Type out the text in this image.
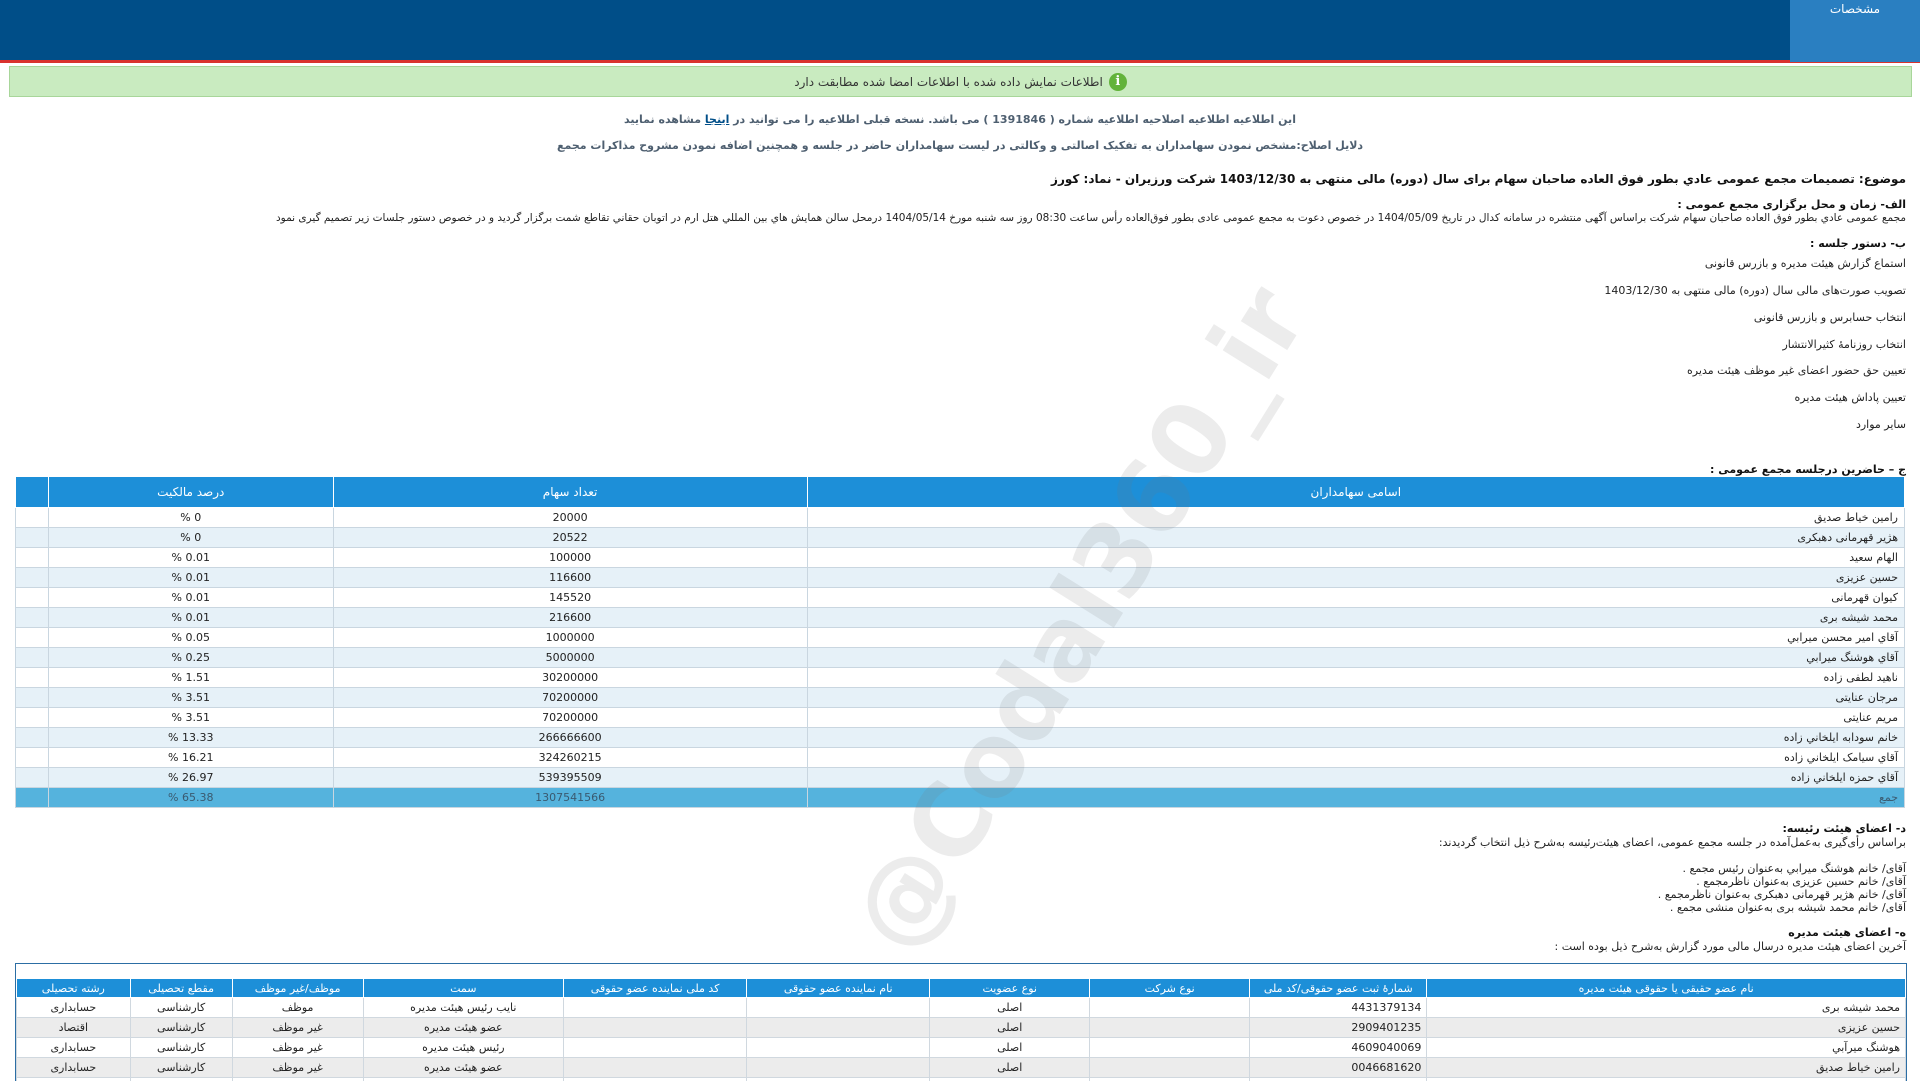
مشخصات
i
اطلاعات نمایش داده شده با اطلاعات امضا شده مطابقت دارد
این اطلاعیه اطلاعیه اصلاحیه اطلاعیه شماره ( 1391846 ) می باشد. نسخه قبلی اطلاعیه را می توانید در اینجا مشاهده نمایید
دلایل اصلاح:مشخص نمودن سهامداران به تفکیک اصالتی و وکالتی در لیست سهامداران حاضر در جلسه و همچنین اضافه نمودن مشروح مذاکرات مجمع
موضوع: تصمیمات مجمع عمومی عادي بطور فوق العاده صاحبان سهام برای سال (دوره) مالی منتهی به 1403/12/30 شرکت ورزیران - نماد: کورز
الف- زمان و محل برگزاری مجمع عمومی :
مجمع عمومی عادي بطور فوق العاده صاحبان سهام شرکت براساس آگهی منتشره در سامانه کدال در تاریخ 1404/05/09 در خصوص دعوت به مجمع عمومی عادی بطور فوق‌العاده رأس ساعت 08:30 روز سه شنبه مورخ 1404/05/14 درمحل سالن همایش هاي بين المللي هتل ارم در اتوبان حقاني تقاطع شمت برگزار گردید و در خصوص دستور جلسات زیر تصمیم گیری نمود
ب- دستور جلسه :
استماع گزارش هیئت مدیره و بازرس قانونی
تصویب صورت‌های مالی سال (دوره) مالی منتهی به 1403/12/30
انتخاب حسابرس و بازرس قانونی
انتخاب روزنامهٔ کثیرالانتشار
تعیین حق حضور اعضای غیر موظف هیئت مدیره
تعیین پاداش هیئت مدیره
سایر موارد
ج – حاضرین درجلسه مجمع عمومی :
اسامی سهامداران	تعداد سهام	درصد مالکیت	
رامین خیاط صدیق	20000	0 %	
هژیر قهرمانی دهبکری	20522	0 %	
الهام سعید	100000	0.01 %	
حسین عزیزی	116600	0.01 %	
کیوان قهرمانی	145520	0.01 %	
محمد شیشه بری	216600	0.01 %	
آقاي امير محسن ميرابي	1000000	0.05 %	
آقاي هوشنگ ميرابي	5000000	0.25 %	
ناهید لطفی زاده	30200000	1.51 %	
مرجان عنایتی	70200000	3.51 %	
مریم عنایتی	70200000	3.51 %	
خانم سودابه ايلخاني زاده	266666600	13.33 %	
آقاي سيامک ايلخاني زاده	324260215	16.21 %	
آقاي حمزه ايلخاني زاده	539395509	26.97 %	
جمع	1307541566	65.38 %	
د- اعضای هیئت رئیسه:
براساس رأی‌گیری به‌عمل‌آمده در جلسه مجمع عمومی، اعضای هیئت‌رئیسه به‌شرح ذیل انتخاب گردیدند:
آقای/ خانم هوشنگ ميرابي به‌عنوان رئیس مجمع .
آقای/ خانم حسین عزیزی به‌عنوان ناظرمجمع .
آقای/ خانم هژیر قهرمانی دهبکری به‌عنوان ناظرمجمع .
آقای/ خانم محمد شیشه بری به‌عنوان منشی مجمع .
ه- اعضای هیئت مدیره
آخرین اعضای هیئت مدیره درسال مالی مورد گزارش به‌شرح ذیل بوده است :
نام عضو حقیقی یا حقوقی هیئت مدیره	شمارهٔ ثبت عضو حقوقی/کد ملی	نوع شرکت	نوع عضویت	نام نماینده عضو حقوقی	کد ملی نماینده عضو حقوقی	سمت	موظف/غیر موظف	مقطع تحصیلی	رشته تحصیلی
محمد شیشه بری	4431379134		اصلی			نایب رئیس هیئت مدیره	موظف	کارشناسی	حسابداری
حسین عزیزی	2909401235		اصلی			عضو هیئت مدیره	غیر موظف	کارشناسی	اقتصاد
هوشنگ ميرآبي	4609040069		اصلی			رئیس هیئت مدیره	غیر موظف	کارشناسی	حسابداری
رامین خیاط صدیق	0046681620		اصلی			عضو هیئت مدیره	غیر موظف	کارشناسی	حسابداری

@Codal360_ir
